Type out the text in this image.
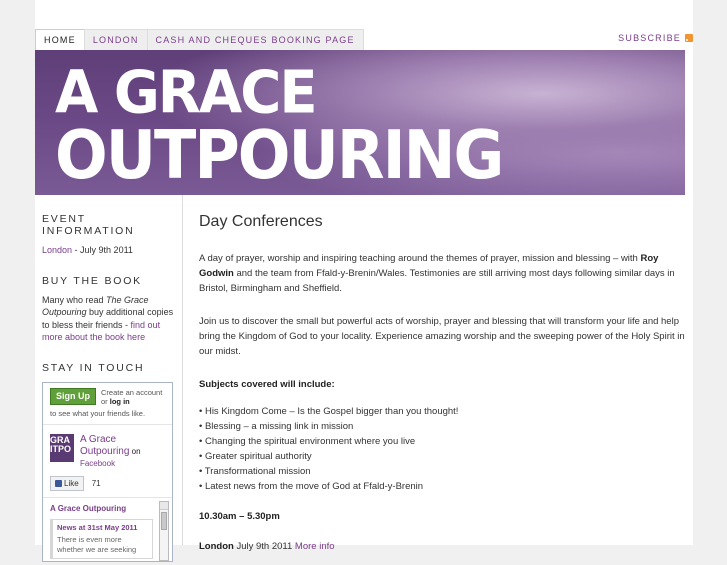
HOME	LONDON	CASH AND CHEQUES BOOKING PAGE	SUBSCRIBE
A GRACE
OUTPOURING
EVENT INFORMATION
London - July 9th 2011
BUY THE BOOK
Many who read The Grace Outpouring buy additional copies to bless their friends - find out more about the book here
STAY IN TOUCH
Sign Up	Create an account or log in
to see what your friends like.
GRA ITPO
A Grace Outpouring on
Facebook
Like 71
A Grace Outpouring
News at 31st May 2011
There is even more whether we are seeking
Day Conferences

A day of prayer, worship and inspiring teaching around the themes of prayer, mission and blessing – with Roy Godwin and the team from Ffald-y-Brenin/Wales. Testimonies are still arriving most days following similar days in Bristol, Birmingham and Sheffield.

Join us to discover the small but powerful acts of worship, prayer and blessing that will transform your life and help bring the Kingdom of God to your locality. Experience amazing worship and the sweeping power of the Holy Spirit in our midst.

Subjects covered will include:

• His Kingdom Come – Is the Gospel bigger than you thought!
• Blessing – a missing link in mission
• Changing the spiritual environment where you live
• Greater spiritual authority
• Transformational mission
• Latest news from the move of God at Ffald-y-Brenin

10.30am – 5.30pm

London July 9th 2011 More info
